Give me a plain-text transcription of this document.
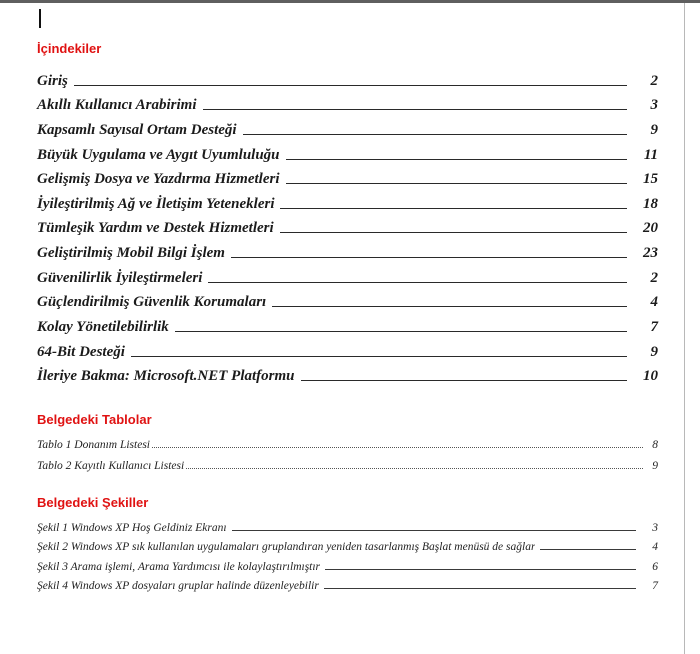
İçindekiler
Giriş	2
Akıllı Kullanıcı Arabirimi	3
Kapsamlı Sayısal Ortam Desteği	9
Büyük Uygulama ve Aygıt Uyumluluğu	11
Gelişmiş Dosya ve Yazdırma Hizmetleri	15
İyileştirilmiş Ağ ve İletişim Yetenekleri	18
Tümleşik Yardım ve Destek Hizmetleri	20
Geliştirilmiş Mobil Bilgi İşlem	23
Güvenilirlik İyileştirmeleri	2
Güçlendirilmiş Güvenlik Korumaları	4
Kolay Yönetilebilirlik	7
64-Bit Desteği	9
İleriye Bakma: Microsoft.NET Platformu	10
Belgedeki Tablolar
Tablo 1 Donanım Listesi	8
Tablo 2 Kayıtlı Kullanıcı Listesi	9
Belgedeki Şekiller
Şekil 1 Windows XP Hoş Geldiniz Ekranı	3
Şekil 2 Windows XP sık kullanılan uygulamaları gruplandıran yeniden tasarlanmış Başlat menüsü de sağlar	4
Şekil 3 Arama işlemi, Arama Yardımcısı ile kolaylaştırılmıştır	6
Şekil 4 Windows XP dosyaları gruplar halinde düzenleyebilir	7
